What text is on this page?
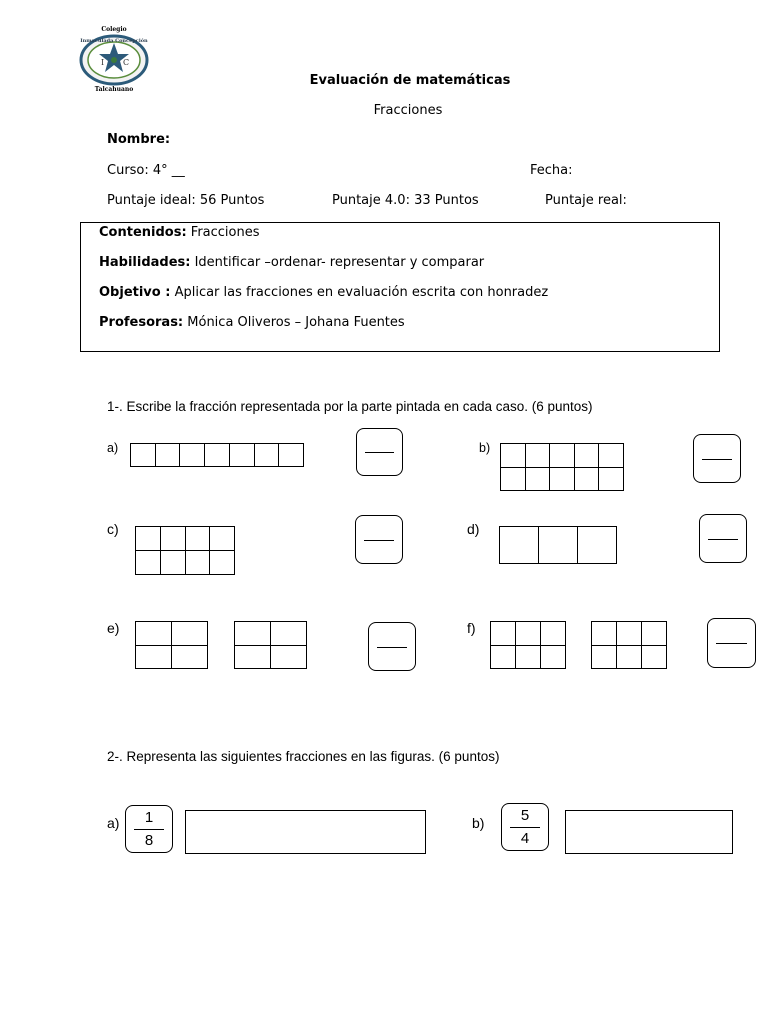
Colegio
I C
Inmaculada Concepción
Talcahuano
Evaluación de matemáticas
Fracciones
Nombre:
Curso: 4° __	Fecha:
Puntaje ideal: 56 Puntos	Puntaje 4.0: 33 Puntos	Puntaje real:
Contenidos: Fracciones
Habilidades: Identificar –ordenar- representar y comparar
Objetivo : Aplicar las fracciones en evaluación escrita con honradez
Profesoras: Mónica Oliveros – Johana Fuentes
1-. Escribe la fracción representada por la parte pintada en cada caso. (6 puntos)
a)	b)
c)	d)
e)	f)
2-. Representa las siguientes fracciones en las figuras. (6 puntos)
a)	1
8
b)	5
4
